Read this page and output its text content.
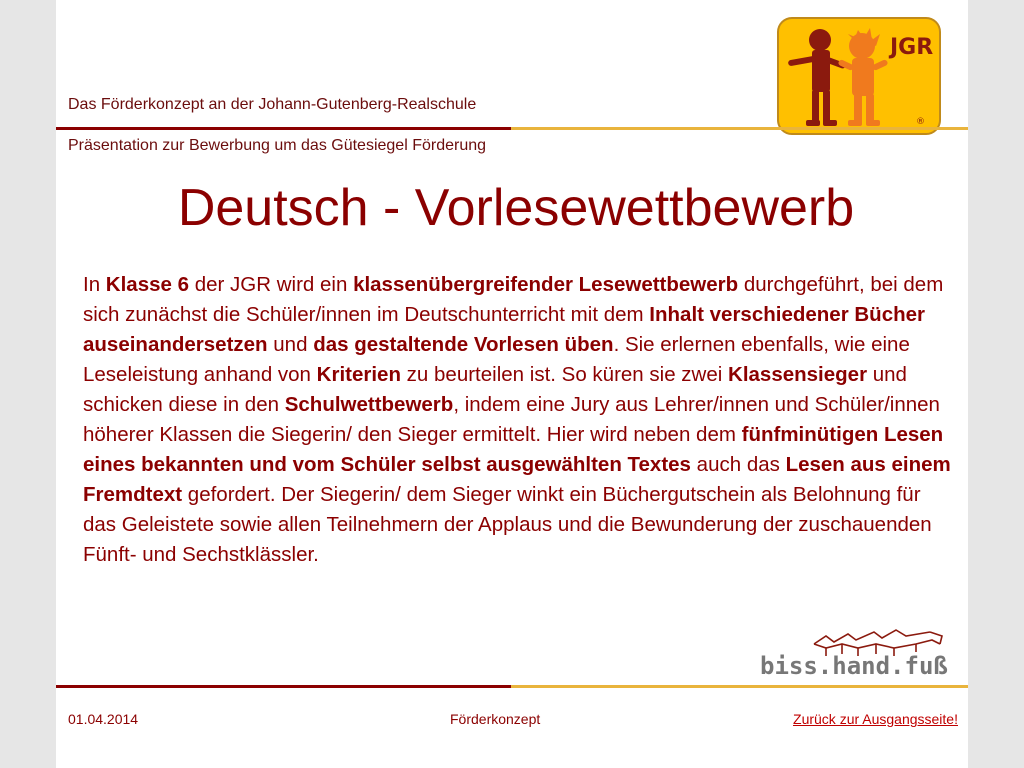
Das Förderkonzept an der Johann-Gutenberg-Realschule
Präsentation zur Bewerbung um das Gütesiegel Förderung
JGR
®
Deutsch - Vorlesewettbewerb
In Klasse 6 der JGR wird ein klassenübergreifender Lesewettbewerb durchgeführt, bei dem sich zunächst die Schüler/innen im Deutschunterricht mit dem Inhalt verschiedener Bücher auseinandersetzen und das gestaltende Vorlesen üben. Sie erlernen ebenfalls, wie eine Leseleistung anhand von Kriterien zu beurteilen ist. So küren sie zwei Klassensieger und schicken diese in den Schulwettbewerb, indem eine Jury aus Lehrer/innen und Schüler/innen höherer Klassen die Siegerin/ den Sieger ermittelt. Hier wird neben dem fünfminütigen Lesen eines bekannten und vom Schüler selbst ausgewählten Textes auch das Lesen aus einem Fremdtext gefordert. Der Siegerin/ dem Sieger winkt ein Büchergutschein als Belohnung für das Geleistete sowie allen Teilnehmern der Applaus und die Bewunderung der zuschauenden Fünft- und Sechstklässler.
biss.hand.fuß
01.04.2014	Förderkonzept	Zurück zur Ausgangsseite!
